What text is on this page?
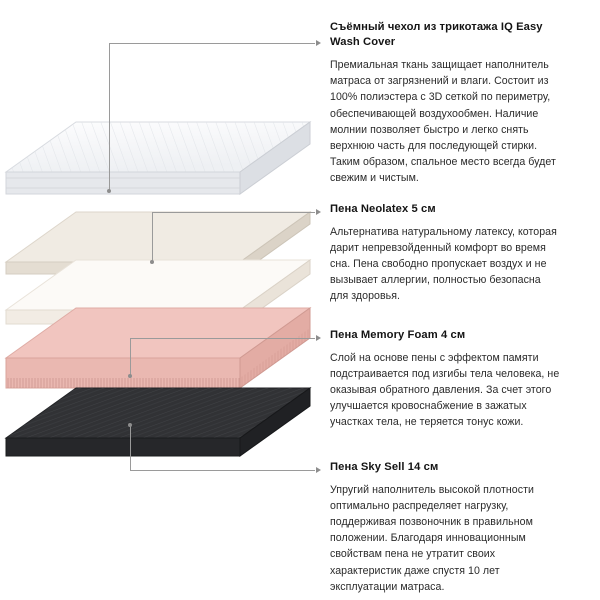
Съёмный чехол из трикотажа IQ Easy Wash Cover

Премиальная ткань защищает наполнитель матраса от загрязнений и влаги. Состоит из 100% полиэстера с 3D сеткой по периметру, обеспечивающей воздухообмен. Наличие молнии позволяет быстро и легко снять верхнюю часть для последующей стирки. Таким образом, спальное место всегда будет свежим и чистым.

Пена Neolatex 5 см

Альтернатива натуральному латексу, которая дарит непревзойденный комфорт во время сна. Пена свободно пропускает воздух и не вызывает аллергии, полностью безопасна для здоровья.

Пена Memory Foam 4 см

Слой на основе пены с эффектом памяти подстраивается под изгибы тела человека, не оказывая обратного давления. За счет этого улучшается кровоснабжение в зажатых участках тела, не теряется тонус кожи.

Пена Sky Sell 14 см

Упругий наполнитель высокой плотности оптимально распределяет нагрузку, поддерживая позвоночник в правильном положении. Благодаря инновационным свойствам пена не утратит своих характеристик даже спустя 10 лет эксплуатации матраса.
